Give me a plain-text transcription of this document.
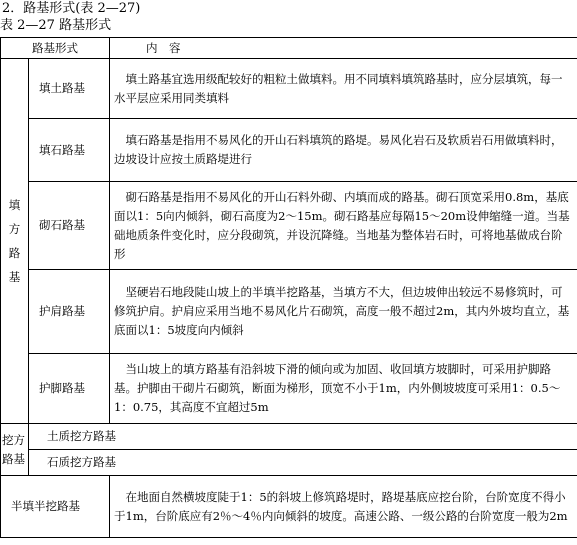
2．路基形式(表 2—27)
表 2—27 路基形式
路基形式		内　容

填
方
路
基	填土路基	填土路基宜选用级配较好的粗粒土做填料。用不同填料填筑路基时，应分层填筑，每一水平层应采用同类填料
	填石路基	填石路基是指用不易风化的开山石料填筑的路堤。易风化岩石及软质岩石用做填料时，边坡设计应按土质路堤进行
	砌石路基	砌石路基是指用不易风化的开山石料外砌、内填而成的路基。砌石顶宽采用0.8m，基底面以1：5向内倾斜，砌石高度为2～15m。砌石路基应每隔15～20m设伸缩缝一道。当基础地质条件变化时，应分段砌筑，并设沉降缝。当地基为整体岩石时，可将地基做成台阶形
	护肩路基	坚硬岩石地段陡山坡上的半填半挖路基，当填方不大，但边坡伸出较远不易修筑时，可修筑护肩。护肩应采用当地不易风化片石砌筑，高度一般不超过2m，其内外坡均直立，基底面以1：5坡度向内倾斜
	护脚路基	当山坡上的填方路基有沿斜坡下滑的倾向或为加固、收回填方坡脚时，可采用护脚路基。护脚由干砌片石砌筑，断面为梯形，顶宽不小于1m，内外侧坡坡度可采用1：0.5～1：0.75，其高度不宜超过5m
挖方	土质挖方路基	
路基	石质挖方路基	
半填半挖路基		在地面自然横坡度陡于1：5的斜坡上修筑路堤时，路堤基底应挖台阶，台阶宽度不得小于1m，台阶底应有2％～4％内向倾斜的坡度。高速公路、一级公路的台阶宽度一般为2m
